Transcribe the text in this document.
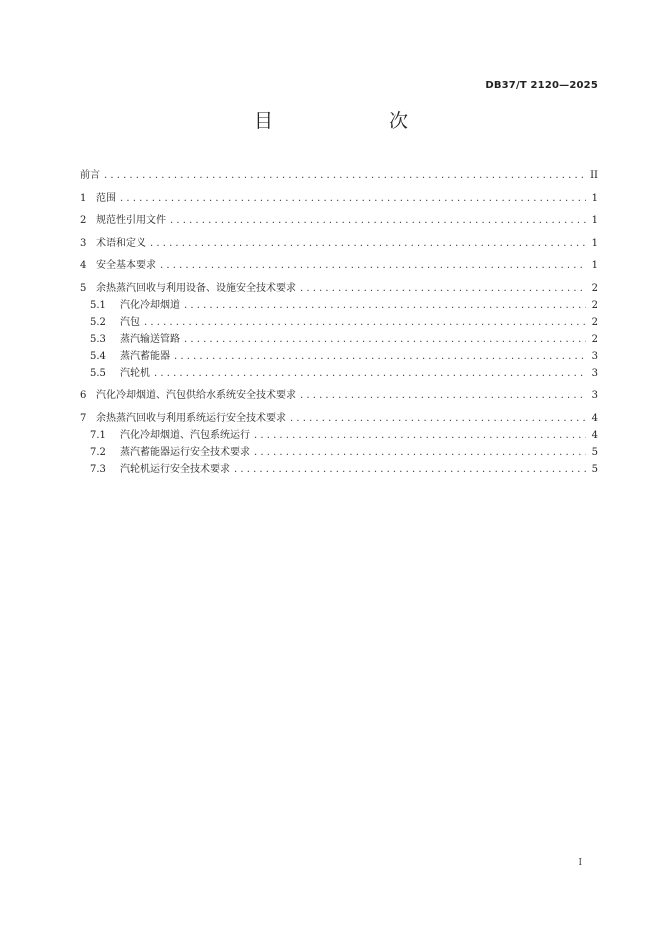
DB37/T 2120—2025
目　　次
前言 . . .	II
1 范围 . . .	1
2 规范性引用文件 . . .	1
3 术语和定义 . . .	1
4 安全基本要求 . . .	1
5 余热蒸汽回收与利用设备、设施安全技术要求 . . .	2
5.1	汽化冷却烟道 . . .	2
5.2	汽包 . . .	2
5.3	蒸汽输送管路 . . .	2
5.4	蒸汽蓄能器 . . .	3
5.5	汽轮机 . . .	3
6 汽化冷却烟道、汽包供给水系统安全技术要求 . . .	3
7 余热蒸汽回收与利用系统运行安全技术要求 . . .	4
7.1	汽化冷却烟道、汽包系统运行 . . .	4
7.2	蒸汽蓄能器运行安全技术要求 . . .	5
7.3	汽轮机运行安全技术要求 . . .	5
I
